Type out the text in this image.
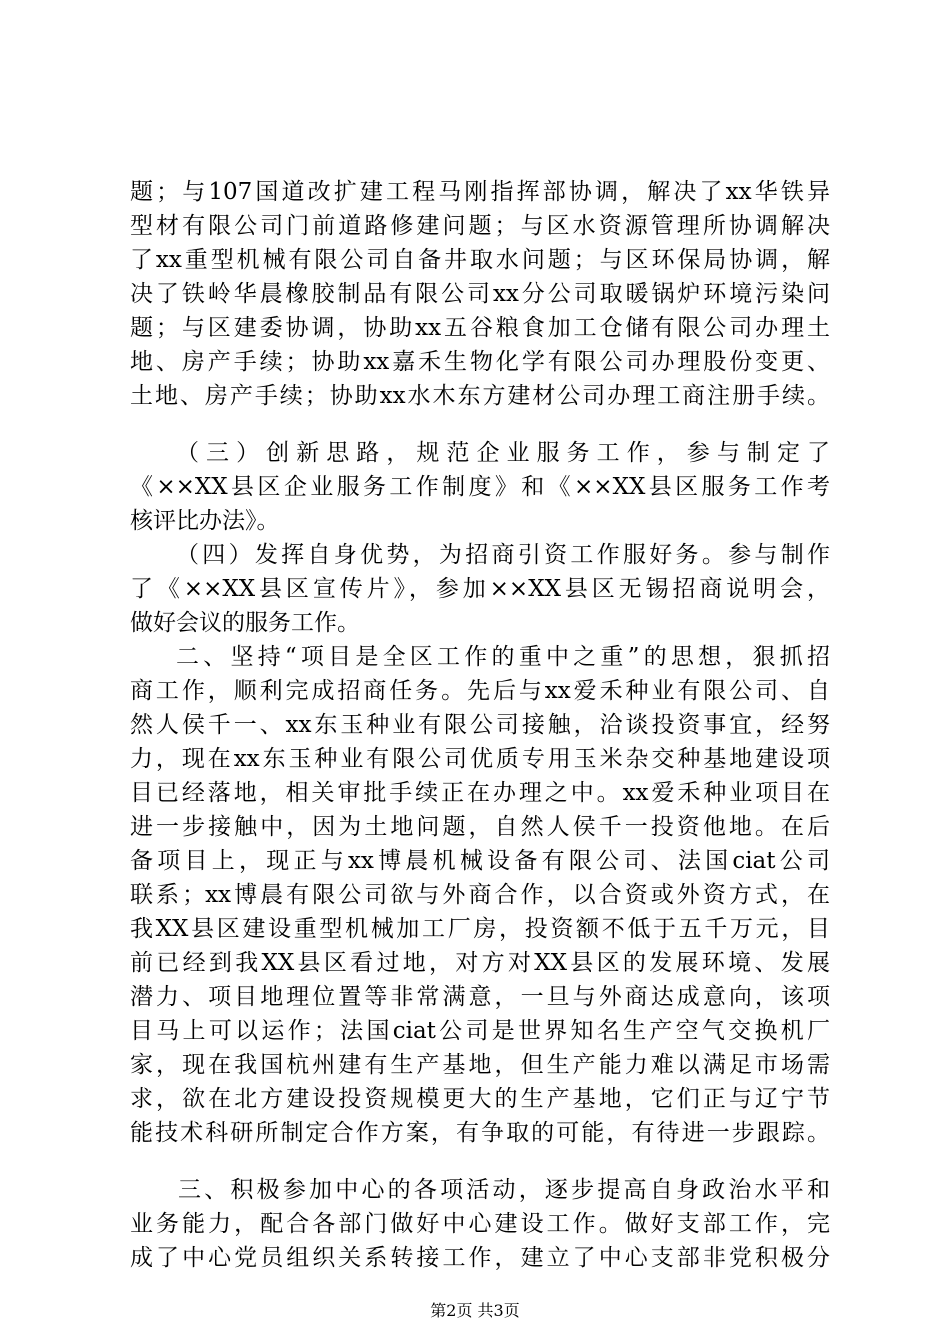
题；与107国道改扩建工程马刚指挥部协调，解决了xx华铁异
型材有限公司门前道路修建问题；与区水资源管理所协调解决
了xx重型机械有限公司自备井取水问题；与区环保局协调，解
决了铁岭华晨橡胶制品有限公司xx分公司取暖锅炉环境污染问
题；与区建委协调，协助xx五谷粮食加工仓储有限公司办理土
地、房产手续；协助xx嘉禾生物化学有限公司办理股份变更、
土地、房产手续；协助xx水木东方建材公司办理工商注册手续。
（三）创新思路，规范企业服务工作，参与制定了
《××XX县区企业服务工作制度》和《××XX县区服务工作考
核评比办法》。
（四）发挥自身优势，为招商引资工作服好务。参与制作
了《××XX县区宣传片》，参加××XX县区无锡招商说明会，
做好会议的服务工作。
二、坚持“项目是全区工作的重中之重”的思想，狠抓招
商工作，顺利完成招商任务。先后与xx爱禾种业有限公司、自
然人侯千一、xx东玉种业有限公司接触，洽谈投资事宜，经努
力，现在xx东玉种业有限公司优质专用玉米杂交种基地建设项
目已经落地，相关审批手续正在办理之中。xx爱禾种业项目在
进一步接触中，因为土地问题，自然人侯千一投资他地。在后
备项目上，现正与xx博晨机械设备有限公司、法国ciat公司
联系；xx博晨有限公司欲与外商合作，以合资或外资方式，在
我XX县区建设重型机械加工厂房，投资额不低于五千万元，目
前已经到我XX县区看过地，对方对XX县区的发展环境、发展
潜力、项目地理位置等非常满意，一旦与外商达成意向，该项
目马上可以运作；法国ciat公司是世界知名生产空气交换机厂
家，现在我国杭州建有生产基地，但生产能力难以满足市场需
求，欲在北方建设投资规模更大的生产基地，它们正与辽宁节
能技术科研所制定合作方案，有争取的可能，有待进一步跟踪。
三、积极参加中心的各项活动，逐步提高自身政治水平和
业务能力，配合各部门做好中心建设工作。做好支部工作，完
成了中心党员组织关系转接工作，建立了中心支部非党积极分
第2页 共3页
